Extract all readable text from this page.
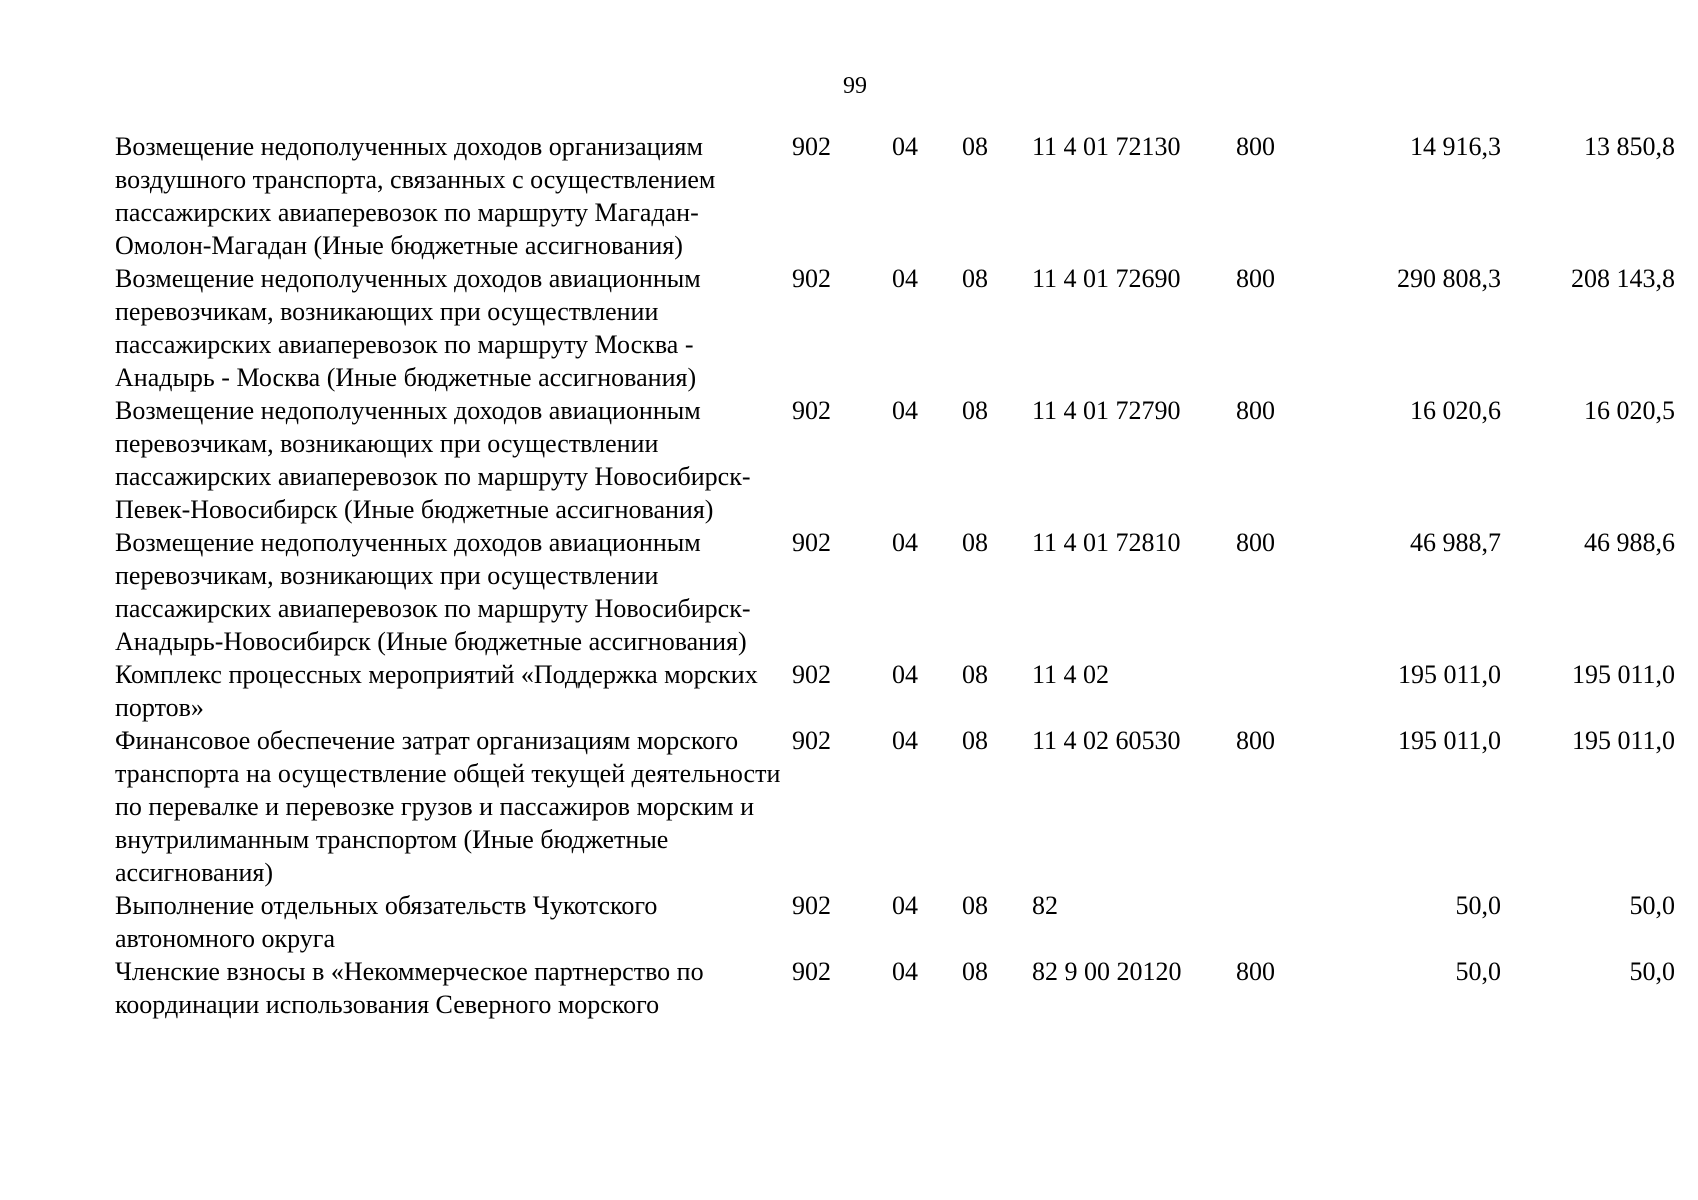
99
Возмещение недополученных доходов организациям воздушного транспорта, связанных с осуществлением пассажирских авиаперевозок по маршруту Магадан-Омолон-Магадан (Иные бюджетные ассигнования)	902	04	08	11 4 01 72130	800	14 916,3	13 850,8
Возмещение недополученных доходов авиационным перевозчикам, возникающих при осуществлении пассажирских авиаперевозок по маршруту Москва - Анадырь - Москва (Иные бюджетные ассигнования)	902	04	08	11 4 01 72690	800	290 808,3	208 143,8
Возмещение недополученных доходов авиационным перевозчикам, возникающих при осуществлении пассажирских авиаперевозок по маршруту Новосибирск-Певек-Новосибирск (Иные бюджетные ассигнования)	902	04	08	11 4 01 72790	800	16 020,6	16 020,5
Возмещение недополученных доходов авиационным перевозчикам, возникающих при осуществлении пассажирских авиаперевозок по маршруту Новосибирск-Анадырь-Новосибирск (Иные бюджетные ассигнования)	902	04	08	11 4 01 72810	800	46 988,7	46 988,6
Комплекс процессных мероприятий «Поддержка морских портов»	902	04	08	11 4 02		195 011,0	195 011,0
Финансовое обеспечение затрат организациям морского транспорта на осуществление общей текущей деятельности по перевалке и перевозке грузов и пассажиров морским и внутрилиманным транспортом (Иные бюджетные ассигнования)	902	04	08	11 4 02 60530	800	195 011,0	195 011,0
Выполнение отдельных обязательств Чукотского автономного округа	902	04	08	82		50,0	50,0
Членские взносы в «Некоммерческое партнерство по координации использования Северного морского	902	04	08	82 9 00 20120	800	50,0	50,0
